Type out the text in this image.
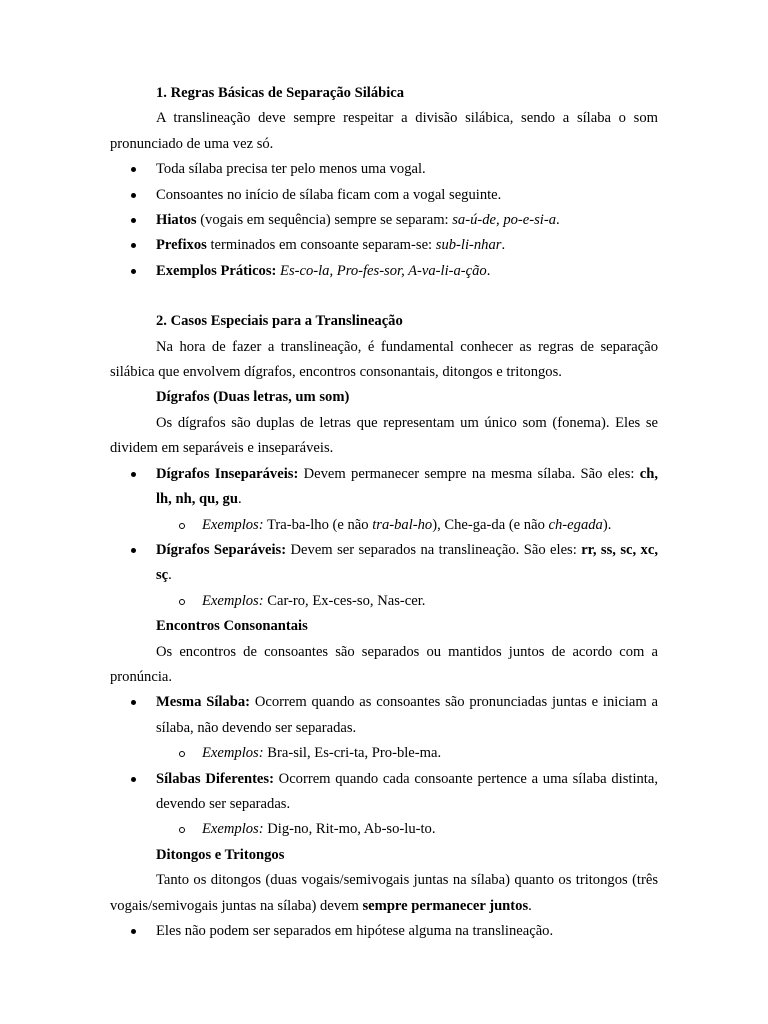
1. Regras Básicas de Separação Silábica

A translineação deve sempre respeitar a divisão silábica, sendo a sílaba o som pronunciado de uma vez só.

Toda sílaba precisa ter pelo menos uma vogal.
Consoantes no início de sílaba ficam com a vogal seguinte.
Hiatos (vogais em sequência) sempre se separam: sa-ú-de, po-e-si-a.
Prefixos terminados em consoante separam-se: sub-li-nhar.
Exemplos Práticos: Es-co-la, Pro-fes-sor, A-va-li-a-ção.

2. Casos Especiais para a Translineação

Na hora de fazer a translineação, é fundamental conhecer as regras de separação silábica que envolvem dígrafos, encontros consonantais, ditongos e tritongos.

Dígrafos (Duas letras, um som)

Os dígrafos são duplas de letras que representam um único som (fonema). Eles se dividem em separáveis e inseparáveis.

Dígrafos Inseparáveis: Devem permanecer sempre na mesma sílaba. São eles: ch, lh, nh, qu, gu.
Exemplos: Tra-ba-lho (e não tra-bal-ho), Che-ga-da (e não ch-egada).
Dígrafos Separáveis: Devem ser separados na translineação. São eles: rr, ss, sc, xc, sç.
Exemplos: Car-ro, Ex-ces-so, Nas-cer.

Encontros Consonantais

Os encontros de consoantes são separados ou mantidos juntos de acordo com a pronúncia.

Mesma Sílaba: Ocorrem quando as consoantes são pronunciadas juntas e iniciam a sílaba, não devendo ser separadas.
Exemplos: Bra-sil, Es-cri-ta, Pro-ble-ma.
Sílabas Diferentes: Ocorrem quando cada consoante pertence a uma sílaba distinta, devendo ser separadas.
Exemplos: Dig-no, Rit-mo, Ab-so-lu-to.

Ditongos e Tritongos

Tanto os ditongos (duas vogais/semivogais juntas na sílaba) quanto os tritongos (três vogais/semivogais juntas na sílaba) devem sempre permanecer juntos.

Eles não podem ser separados em hipótese alguma na translineação.
